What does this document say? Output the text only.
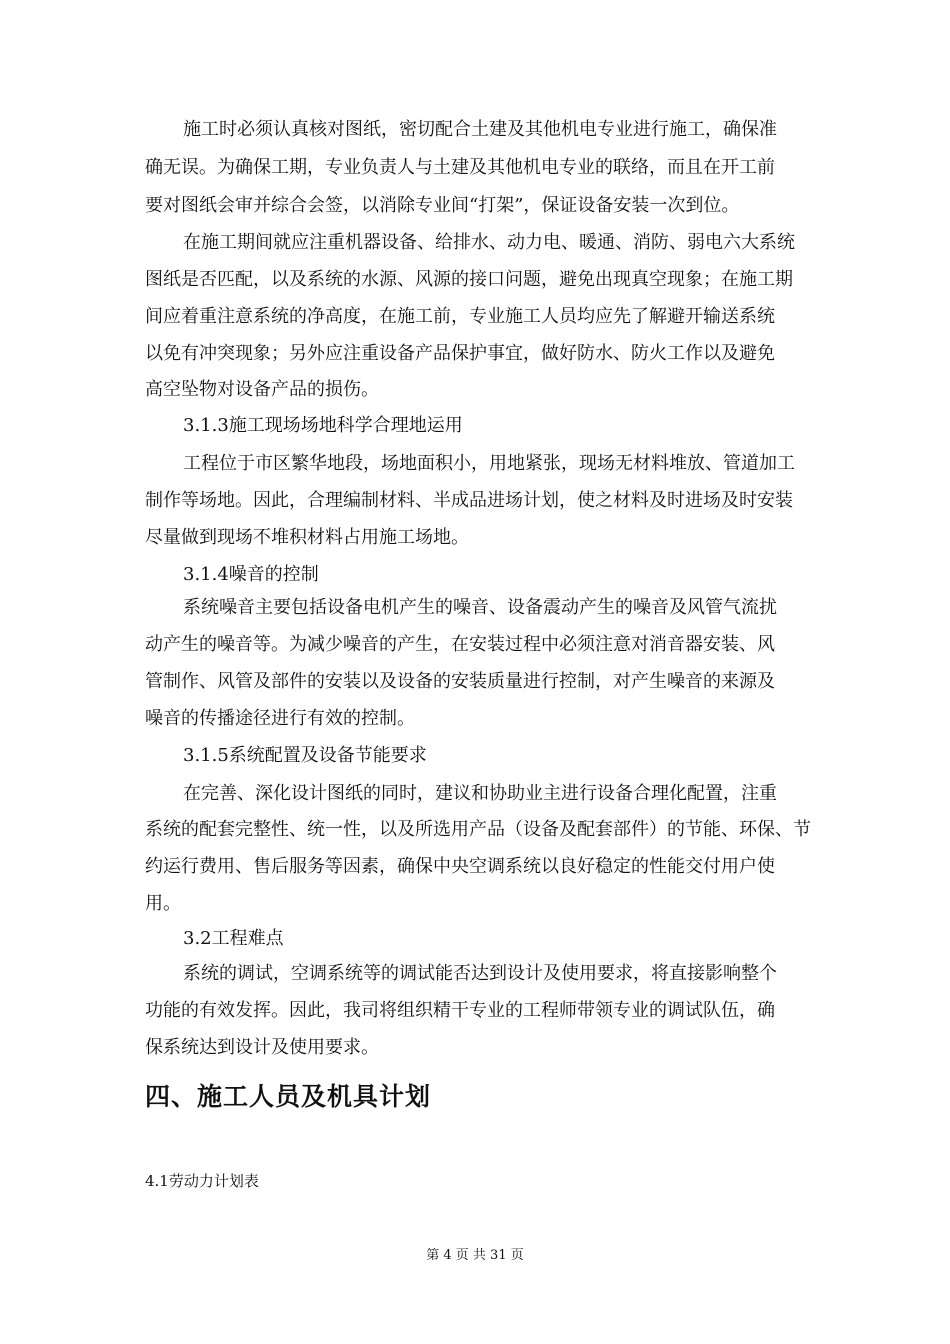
施工时必须认真核对图纸，密切配合土建及其他机电专业进行施工，确保准
确无误。为确保工期，专业负责人与土建及其他机电专业的联络，而且在开工前
要对图纸会审并综合会签，以消除专业间“打架”，保证设备安装一次到位。
在施工期间就应注重机器设备、给排水、动力电、暖通、消防、弱电六大系统
图纸是否匹配，以及系统的水源、风源的接口问题，避免出现真空现象；在施工期
间应着重注意系统的净高度，在施工前，专业施工人员均应先了解避开输送系统
以免有冲突现象；另外应注重设备产品保护事宜，做好防水、防火工作以及避免
高空坠物对设备产品的损伤。
3.1.3施工现场场地科学合理地运用
工程位于市区繁华地段，场地面积小，用地紧张，现场无材料堆放、管道加工
制作等场地。因此，合理编制材料、半成品进场计划，使之材料及时进场及时安装
尽量做到现场不堆积材料占用施工场地。
3.1.4噪音的控制
系统噪音主要包括设备电机产生的噪音、设备震动产生的噪音及风管气流扰
动产生的噪音等。为减少噪音的产生，在安装过程中必须注意对消音器安装、风
管制作、风管及部件的安装以及设备的安装质量进行控制，对产生噪音的来源及
噪音的传播途径进行有效的控制。
3.1.5系统配置及设备节能要求
在完善、深化设计图纸的同时，建议和协助业主进行设备合理化配置，注重
系统的配套完整性、统一性，以及所选用产品（设备及配套部件）的节能、环保、节
约运行费用、售后服务等因素，确保中央空调系统以良好稳定的性能交付用户使
用。
3.2工程难点
系统的调试，空调系统等的调试能否达到设计及使用要求，将直接影响整个
功能的有效发挥。因此，我司将组织精干专业的工程师带领专业的调试队伍，确
保系统达到设计及使用要求。
四、施工人员及机具计划
4.1劳动力计划表
第 4 页 共 31 页
